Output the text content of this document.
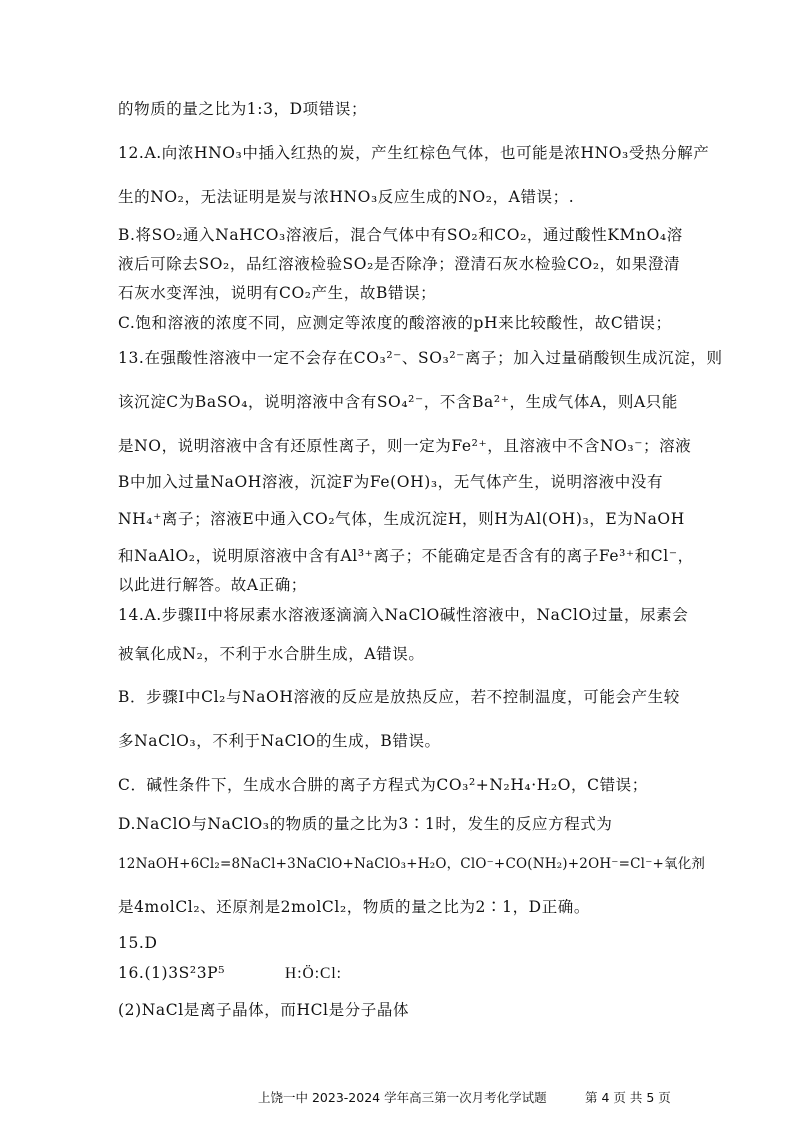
的物质的量之比为1:3，D项错误；
12.A.向浓HNO₃中插入红热的炭，产生红棕色气体，也可能是浓HNO₃受热分解产
生的NO₂，无法证明是炭与浓HNO₃反应生成的NO₂，A错误；.
B.将SO₂通入NaHCO₃溶液后，混合气体中有SO₂和CO₂，通过酸性KMnO₄溶
液后可除去SO₂，品红溶液检验SO₂是否除净；澄清石灰水检验CO₂，如果澄清
石灰水变浑浊，说明有CO₂产生，故B错误；
C.饱和溶液的浓度不同，应测定等浓度的酸溶液的pH来比较酸性，故C错误；
13.在强酸性溶液中一定不会存在CO₃²⁻、SO₃²⁻离子；加入过量硝酸钡生成沉淀，则
该沉淀C为BaSO₄，说明溶液中含有SO₄²⁻，不含Ba²⁺，生成气体A，则A只能
是NO，说明溶液中含有还原性离子，则一定为Fe²⁺，且溶液中不含NO₃⁻；溶液
B中加入过量NaOH溶液，沉淀F为Fe(OH)₃，无气体产生，说明溶液中没有
NH₄⁺离子；溶液E中通入CO₂气体，生成沉淀H，则H为Al(OH)₃，E为NaOH
和NaAlO₂，说明原溶液中含有Al³⁺离子；不能确定是否含有的离子Fe³⁺和Cl⁻，
以此进行解答。故A正确；
14.A.步骤II中将尿素水溶液逐滴滴入NaClO碱性溶液中，NaClO过量，尿素会
被氧化成N₂，不利于水合肼生成，A错误。
B．步骤I中Cl₂与NaOH溶液的反应是放热反应，若不控制温度，可能会产生较
多NaClO₃，不利于NaClO的生成，B错误。
C．碱性条件下，生成水合肼的离子方程式为CO₃²+N₂H₄·H₂O，C错误；
D.NaClO与NaClO₃的物质的量之比为3∶1时，发生的反应方程式为
12NaOH+6Cl₂=8NaCl+3NaClO+NaClO₃+H₂O，ClO⁻+CO(NH₂)+2OH⁻=Cl⁻+氧化剂
是4molCl₂、还原剂是2molCl₂，物质的量之比为2∶1，D正确。
15.D
16.(1)3S²3P⁵	H:Ö:Cl:
(2)NaCl是离子晶体，而HCl是分子晶体
上饶一中 2023-2024 学年高三第一次月考化学试题	第 4 页 共 5 页
